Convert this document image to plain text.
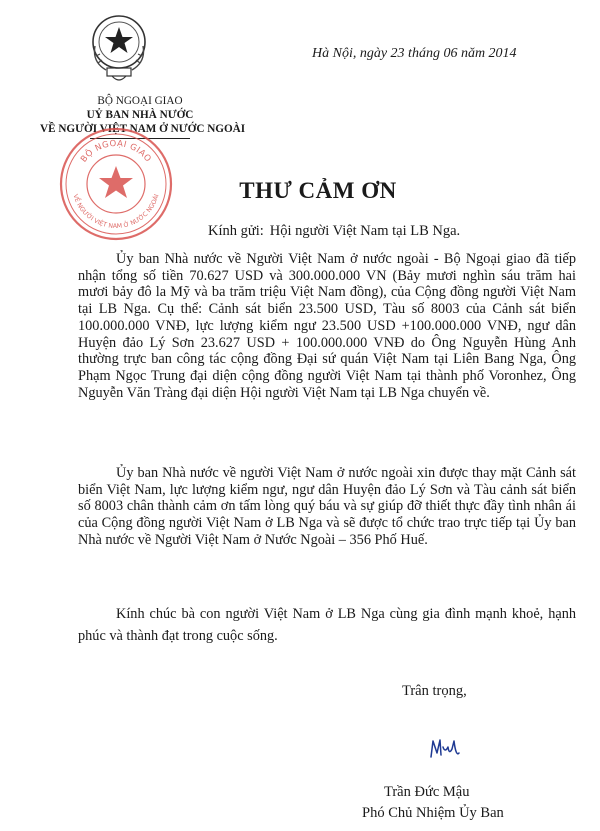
Hà Nội, ngày 23 tháng 06 năm 2014
BỘ NGOẠI GIAO
UỶ BAN NHÀ NƯỚC
VỀ NGƯỜI VIỆT NAM Ở NƯỚC NGOÀI
BỘ NGOẠI GIAO
VỀ NGƯỜI VIỆT NAM Ở NƯỚC NGOÀI	THƯ CẢM ƠN
Kính gửi: Hội người Việt Nam tại LB Nga.

Ủy ban Nhà nước về Người Việt Nam ở nước ngoài - Bộ Ngoại giao đã tiếp nhận tổng số tiền 70.627 USD và 300.000.000 VN (Bảy mươi nghìn sáu trăm hai mươi bảy đô la Mỹ và ba trăm triệu Việt Nam đồng), của Cộng đồng người Việt Nam tại LB Nga. Cụ thể: Cảnh sát biển 23.500 USD, Tàu số 8003 của Cảnh sát biển 100.000.000 VNĐ, lực lượng kiểm ngư 23.500 USD +100.000.000 VNĐ, ngư dân Huyện đảo Lý Sơn 23.627 USD + 100.000.000 VNĐ do Ông Nguyễn Hùng Anh thường trực ban công tác cộng đồng Đại sứ quán Việt Nam tại Liên Bang Nga, Ông Phạm Ngọc Trung đại diện cộng đồng người Việt Nam tại thành phố Voronhez, Ông Nguyễn Văn Tràng đại diện Hội người Việt Nam tại LB Nga chuyển về.

Ủy ban Nhà nước về người Việt Nam ở nước ngoài xin được thay mặt Cảnh sát biển Việt Nam, lực lượng kiểm ngư, ngư dân Huyện đảo Lý Sơn và Tàu cảnh sát biển số 8003 chân thành cảm ơn tấm lòng quý báu và sự giúp đỡ thiết thực đầy tình nhân ái của Cộng đồng người Việt Nam ở LB Nga và sẽ được tổ chức trao trực tiếp tại Ủy ban Nhà nước về Người Việt Nam ở Nước Ngoài – 356 Phố Huế.

Kính chúc bà con người Việt Nam ở LB Nga cùng gia đình mạnh khoẻ, hạnh phúc và thành đạt trong cuộc sống.

Trân trọng,
Trần Đức Mậu
Phó Chủ Nhiệm Ủy Ban
